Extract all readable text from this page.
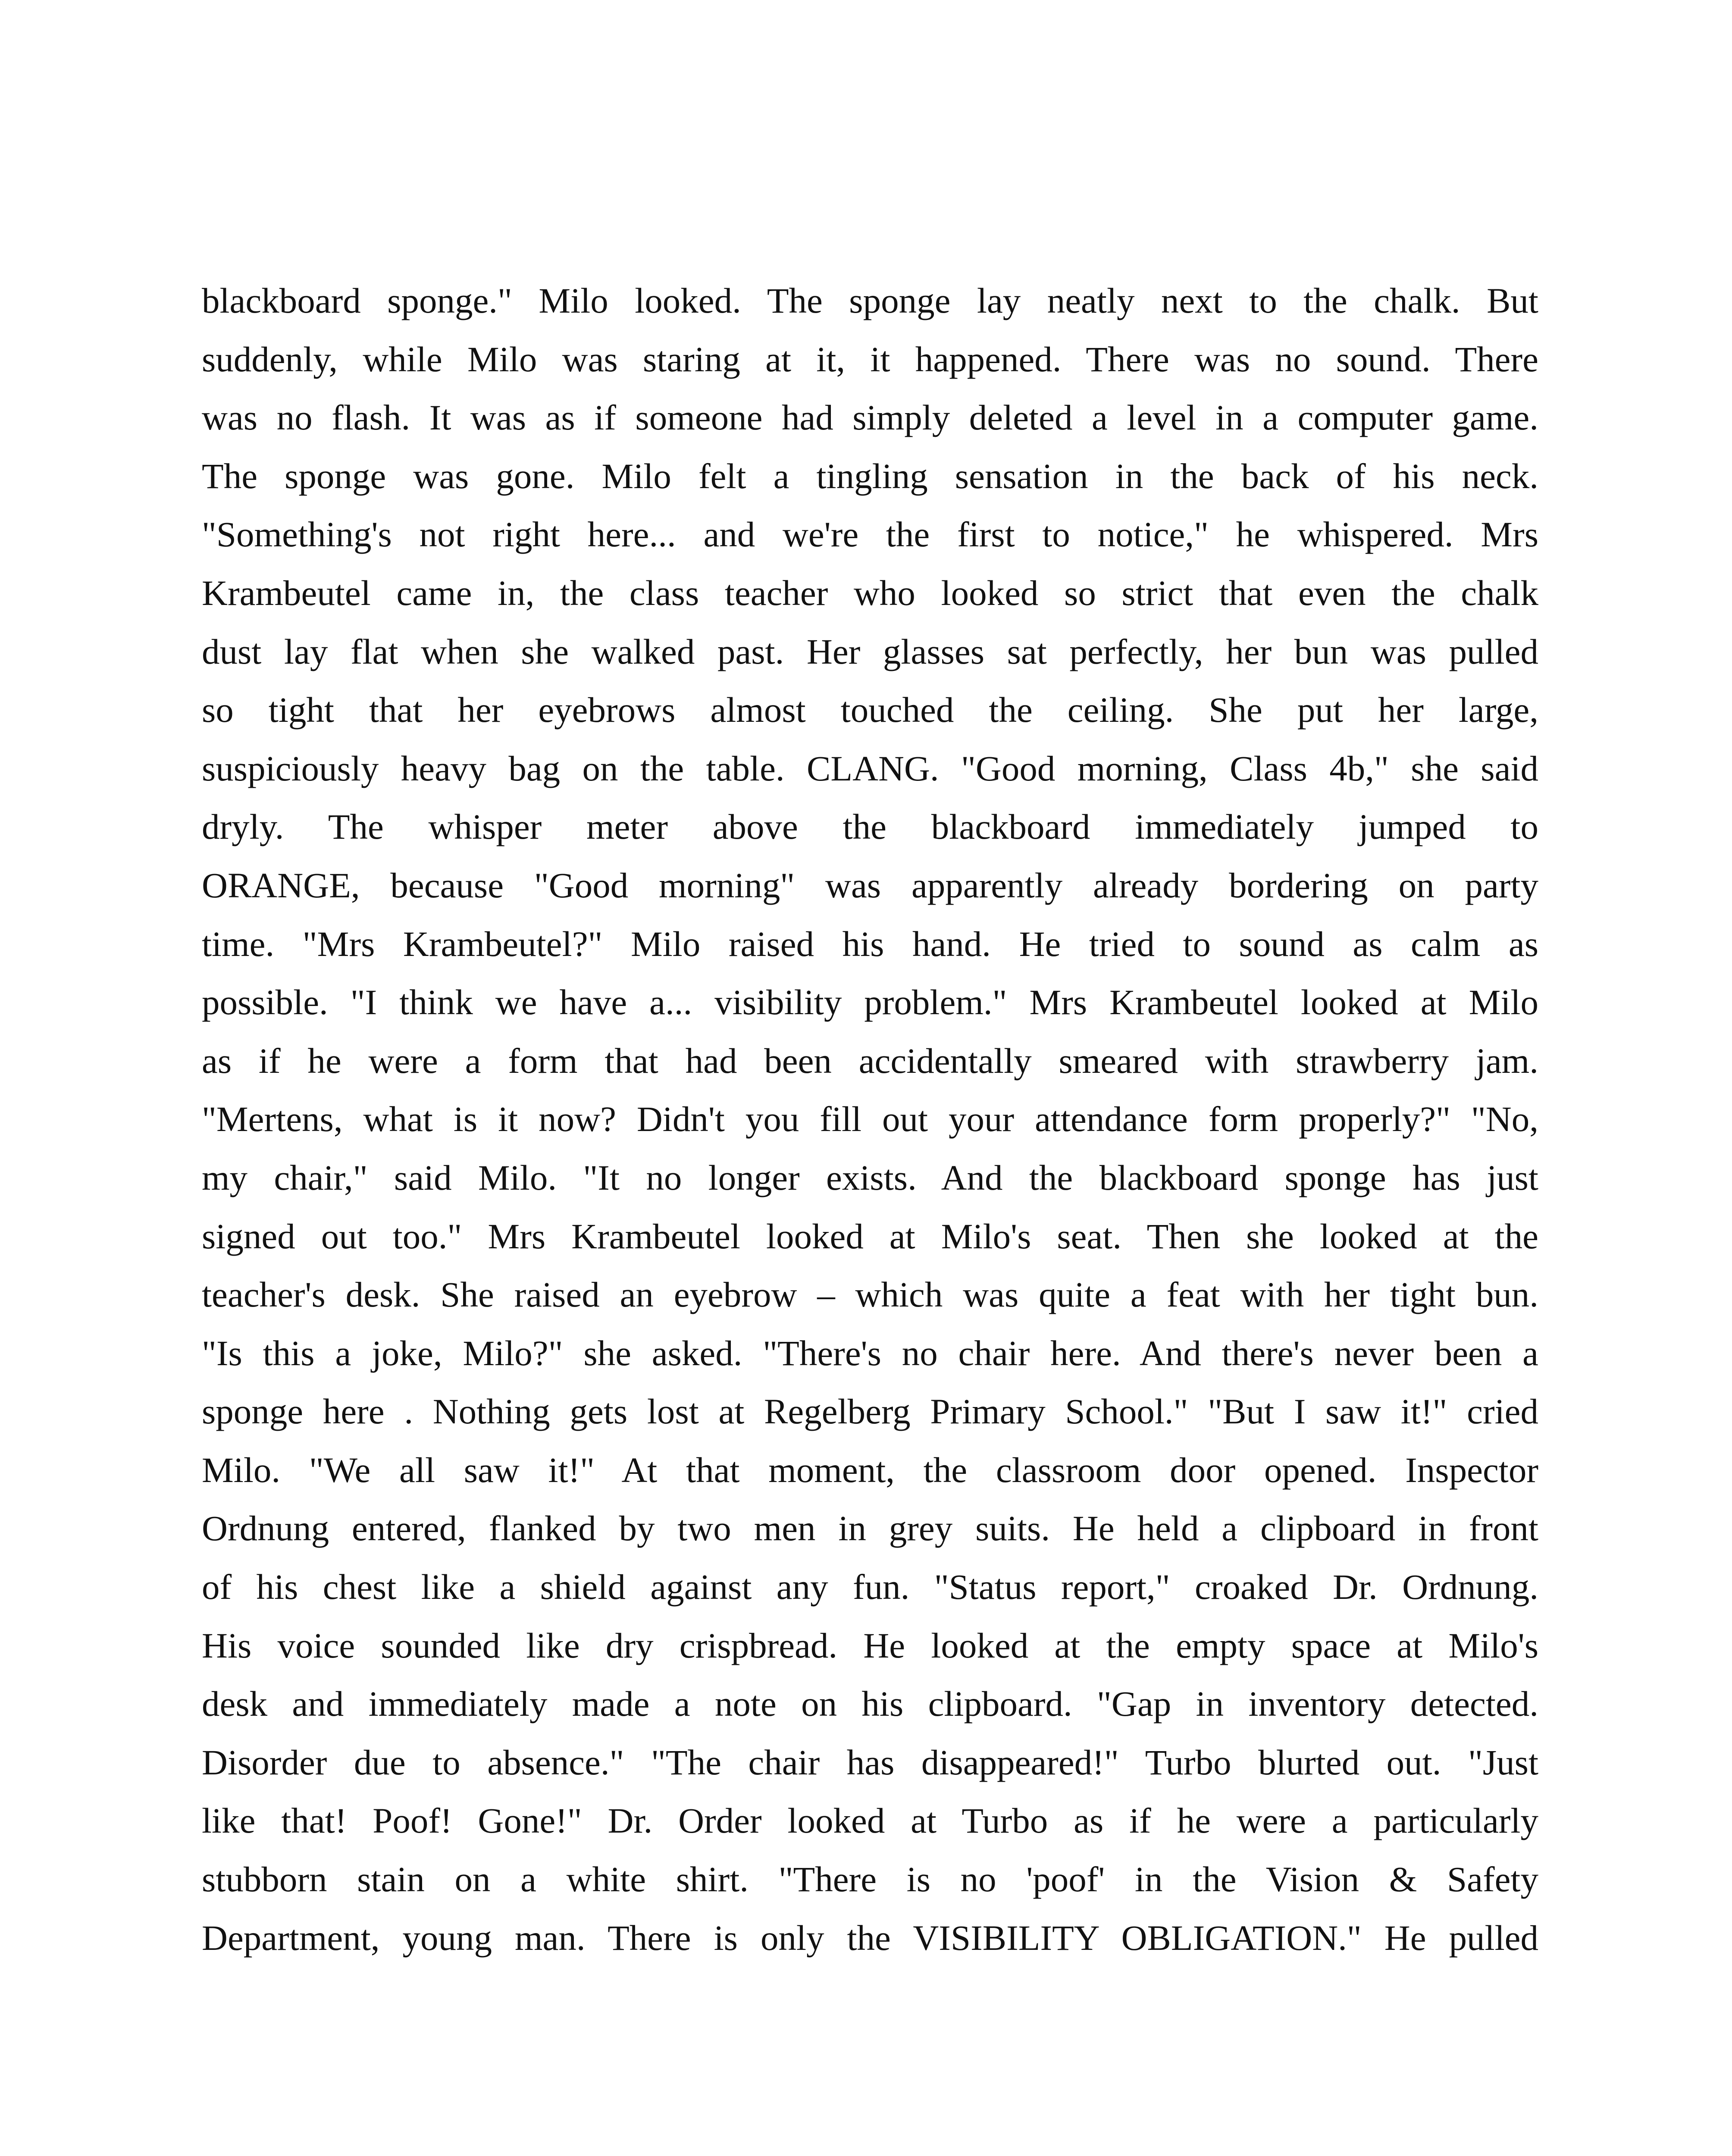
blackboard sponge." Milo looked. The sponge lay neatly next to the chalk. But
suddenly, while Milo was staring at it, it happened. There was no sound. There
was no flash. It was as if someone had simply deleted a level in a computer game.
The sponge was gone. Milo felt a tingling sensation in the back of his neck.
"Something's not right here... and we're the first to notice," he whispered. Mrs
Krambeutel came in, the class teacher who looked so strict that even the chalk
dust lay flat when she walked past. Her glasses sat perfectly, her bun was pulled
so tight that her eyebrows almost touched the ceiling. She put her large,
suspiciously heavy bag on the table. CLANG. "Good morning, Class 4b," she said
dryly. The whisper meter above the blackboard immediately jumped to
ORANGE, because "Good morning" was apparently already bordering on party
time. "Mrs Krambeutel?" Milo raised his hand. He tried to sound as calm as
possible. "I think we have a... visibility problem." Mrs Krambeutel looked at Milo
as if he were a form that had been accidentally smeared with strawberry jam.
"Mertens, what is it now? Didn't you fill out your attendance form properly?" "No,
my chair," said Milo. "It no longer exists. And the blackboard sponge has just
signed out too." Mrs Krambeutel looked at Milo's seat. Then she looked at the
teacher's desk. She raised an eyebrow – which was quite a feat with her tight bun.
"Is this a joke, Milo?" she asked. "There's no chair here. And there's never been a
sponge here . Nothing gets lost at Regelberg Primary School." "But I saw it!" cried
Milo. "We all saw it!" At that moment, the classroom door opened. Inspector
Ordnung entered, flanked by two men in grey suits. He held a clipboard in front
of his chest like a shield against any fun. "Status report," croaked Dr. Ordnung.
His voice sounded like dry crispbread. He looked at the empty space at Milo's
desk and immediately made a note on his clipboard. "Gap in inventory detected.
Disorder due to absence." "The chair has disappeared!" Turbo blurted out. "Just
like that! Poof! Gone!" Dr. Order looked at Turbo as if he were a particularly
stubborn stain on a white shirt. "There is no 'poof' in the Vision & Safety
Department, young man. There is only the VISIBILITY OBLIGATION." He pulled
